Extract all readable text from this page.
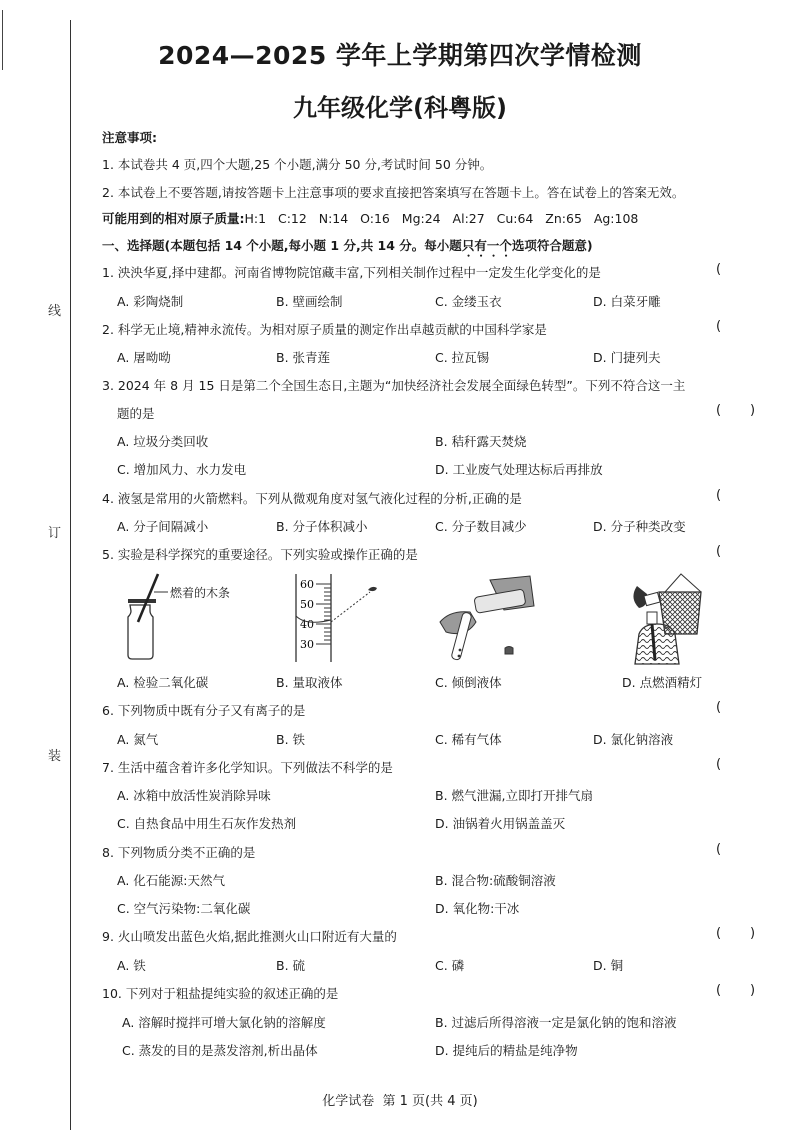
线
订
装
2024—2025 学年上学期第四次学情检测
九年级化学(科粤版)
注意事项:
1. 本试卷共 4 页,四个大题,25 个小题,满分 50 分,考试时间 50 分钟。
2. 本试卷上不要答题,请按答题卡上注意事项的要求直接把答案填写在答题卡上。答在试卷上的答案无效。
可能用到的相对原子质量:H:1   C:12   N:14   O:16   Mg:24   Al:27   Cu:64   Zn:65   Ag:108
一、选择题(本题包括 14 个小题,每小题 1 分,共 14 分。每小题只有一个选项符合题意)
1. 泱泱华夏,择中建都。河南省博物院馆藏丰富,下列相关制作过程中一定发生化学变化的是	(
A. 彩陶烧制	B. 壁画绘制	C. 金缕玉衣	D. 白菜牙雕
2. 科学无止境,精神永流传。为相对原子质量的测定作出卓越贡献的中国科学家是	(
A. 屠呦呦	B. 张青莲	C. 拉瓦锡	D. 门捷列夫
3. 2024 年 8 月 15 日是第二个全国生态日,主题为“加快经济社会发展全面绿色转型”。下列不符合这一主
题的是	( )
A. 垃圾分类回收	B. 秸秆露天焚烧
C. 增加风力、水力发电	D. 工业废气处理达标后再排放
4. 液氢是常用的火箭燃料。下列从微观角度对氢气液化过程的分析,正确的是	(
A. 分子间隔减小	B. 分子体积减小	C. 分子数目减少	D. 分子种类改变
5. 实验是科学探究的重要途径。下列实验或操作正确的是	(
燃着的木条
60
50
40
30
A. 检验二氧化碳	B. 量取液体	C. 倾倒液体	D. 点燃酒精灯
6. 下列物质中既有分子又有离子的是	(
A. 氮气	B. 铁	C. 稀有气体	D. 氯化钠溶液
7. 生活中蕴含着许多化学知识。下列做法不科学的是	(
A. 冰箱中放活性炭消除异味	B. 燃气泄漏,立即打开排气扇
C. 自热食品中用生石灰作发热剂	D. 油锅着火用锅盖盖灭
8. 下列物质分类不正确的是	(
A. 化石能源:天然气	B. 混合物:硫酸铜溶液
C. 空气污染物:二氧化碳	D. 氧化物:干冰
9. 火山喷发出蓝色火焰,据此推测火山口附近有大量的	( )
A. 铁	B. 硫	C. 磷	D. 铜
10. 下列对于粗盐提纯实验的叙述正确的是	( )
A. 溶解时搅拌可增大氯化钠的溶解度	B. 过滤后所得溶液一定是氯化钠的饱和溶液
C. 蒸发的目的是蒸发溶剂,析出晶体	D. 提纯后的精盐是纯净物
化学试卷  第 1 页(共 4 页)
